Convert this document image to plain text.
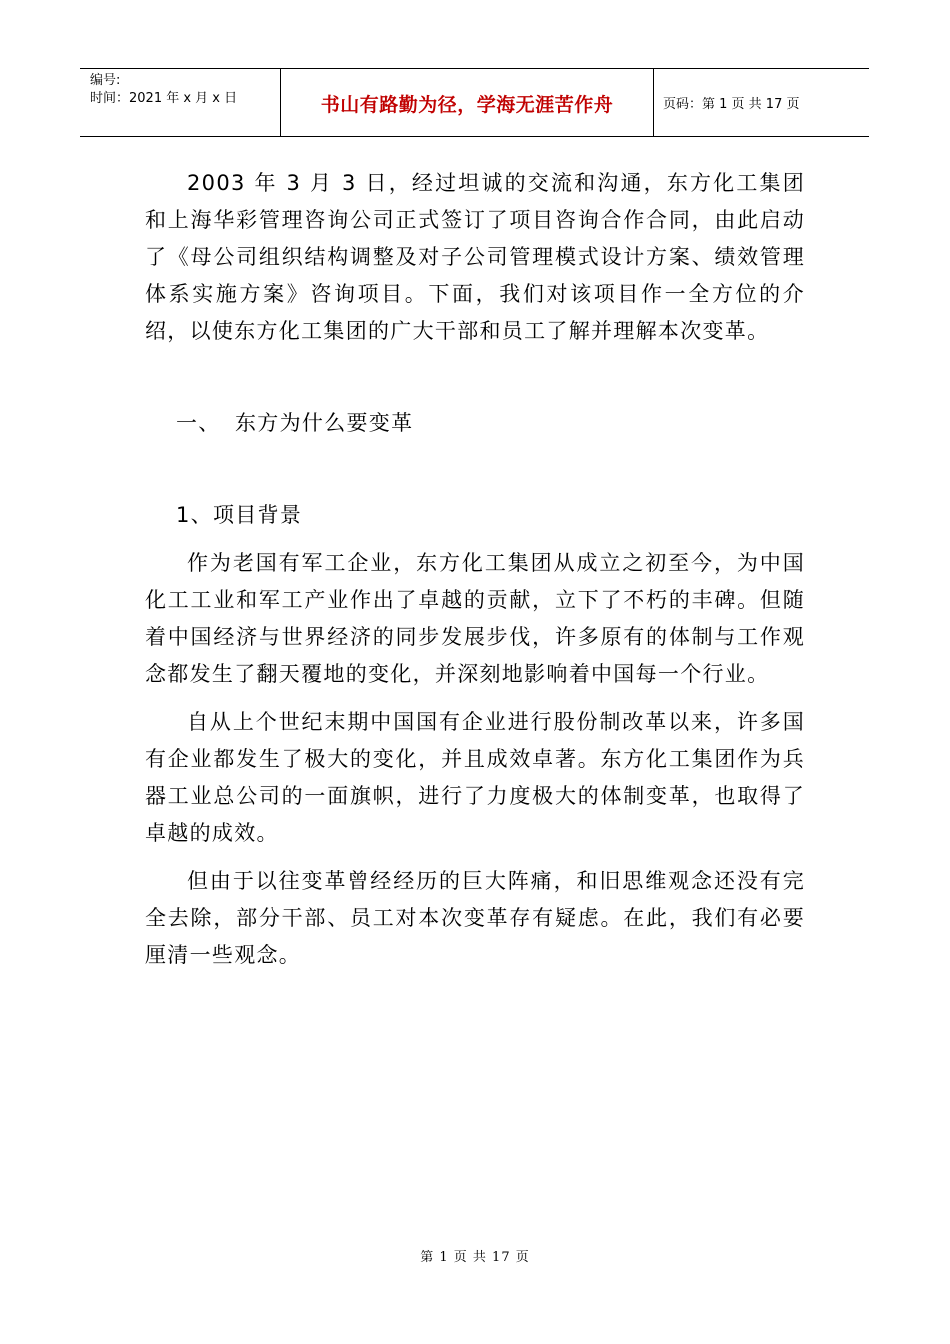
编号:
时间：2021 年 x 月 x 日	书山有路勤为径，学海无涯苦作舟	页码：第 1 页 共 17 页

2003 年 3 月 3 日，经过坦诚的交流和沟通，东方化工集团和上海华彩管理咨询公司正式签订了项目咨询合作合同，由此启动了《母公司组织结构调整及对子公司管理模式设计方案、绩效管理体系实施方案》咨询项目。下面，我们对该项目作一全方位的介绍，以使东方化工集团的广大干部和员工了解并理解本次变革。

一、 东方为什么要变革
1、项目背景

作为老国有军工企业，东方化工集团从成立之初至今，为中国化工工业和军工产业作出了卓越的贡献，立下了不朽的丰碑。但随着中国经济与世界经济的同步发展步伐，许多原有的体制与工作观念都发生了翻天覆地的变化，并深刻地影响着中国每一个行业。

自从上个世纪末期中国国有企业进行股份制改革以来，许多国有企业都发生了极大的变化，并且成效卓著。东方化工集团作为兵器工业总公司的一面旗帜，进行了力度极大的体制变革，也取得了卓越的成效。

但由于以往变革曾经经历的巨大阵痛，和旧思维观念还没有完全去除，部分干部、员工对本次变革存有疑虑。在此，我们有必要厘清一些观念。

第 1 页 共 17 页
